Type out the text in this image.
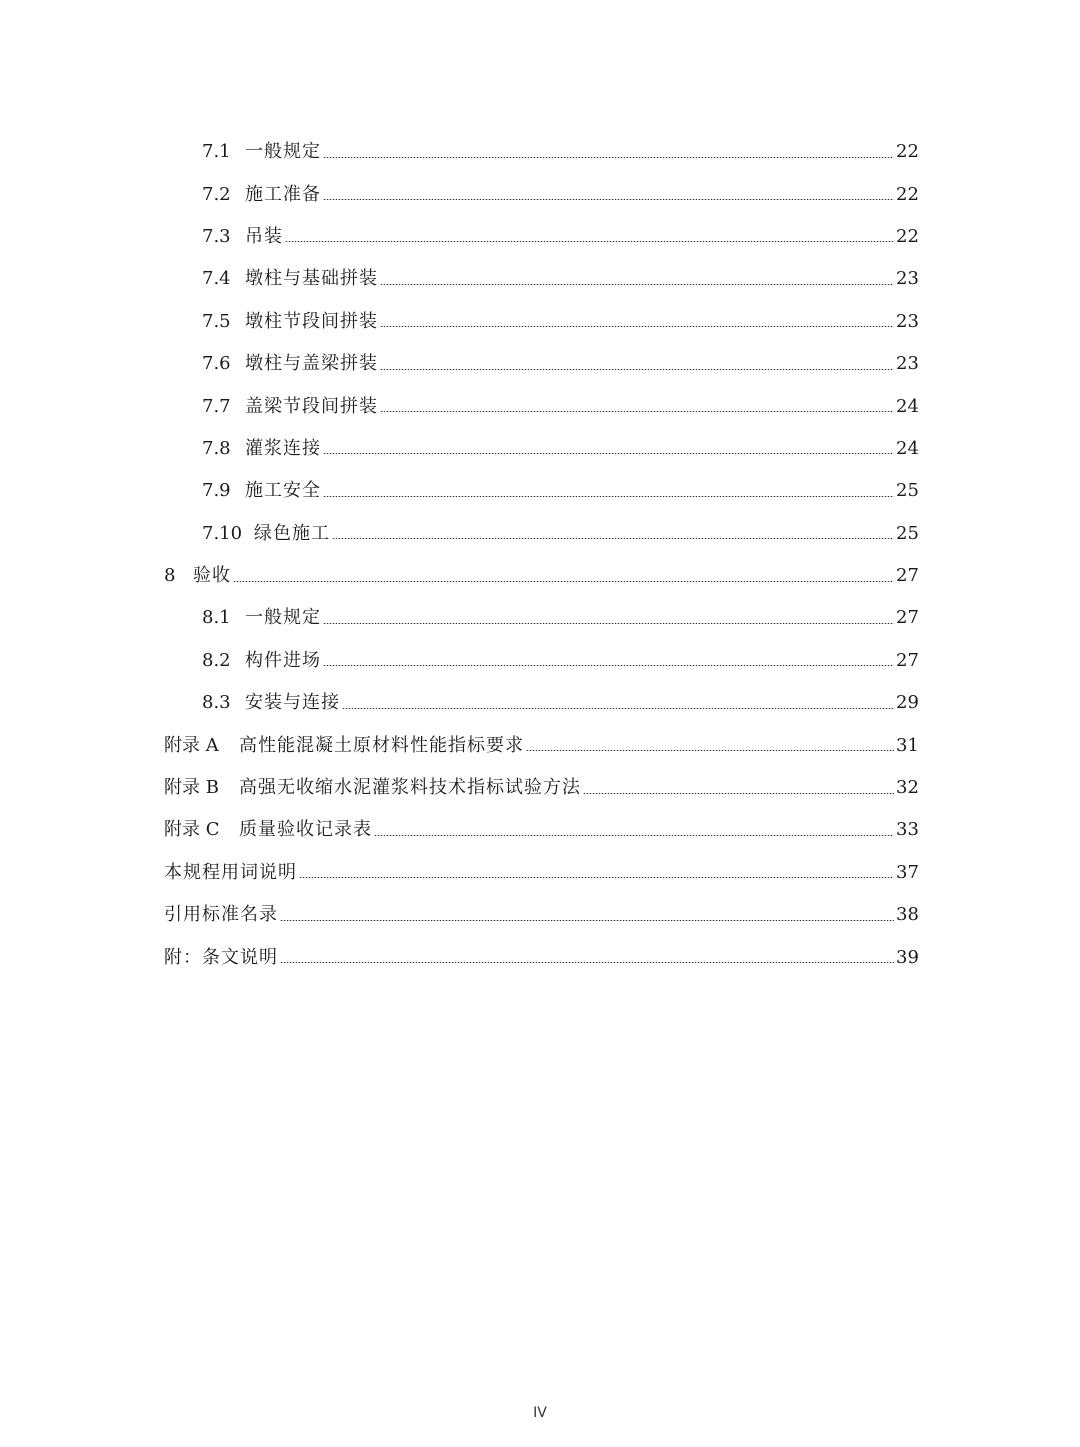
7.1 一般规定	22
7.2 施工准备	22
7.3 吊装	22
7.4 墩柱与基础拼装	23
7.5 墩柱节段间拼装	23
7.6 墩柱与盖梁拼装	23
7.7 盖梁节段间拼装	24
7.8 灌浆连接	24
7.9 施工安全	25
7.10 绿色施工	25
8 验收	27
8.1 一般规定	27
8.2 构件进场	27
8.3 安装与连接	29
附录 A	高性能混凝土原材料性能指标要求	31
附录 B	高强无收缩水泥灌浆料技术指标试验方法	32
附录 C	质量验收记录表	33
本规程用词说明	37
引用标准名录	38
附：条文说明	39
IV
